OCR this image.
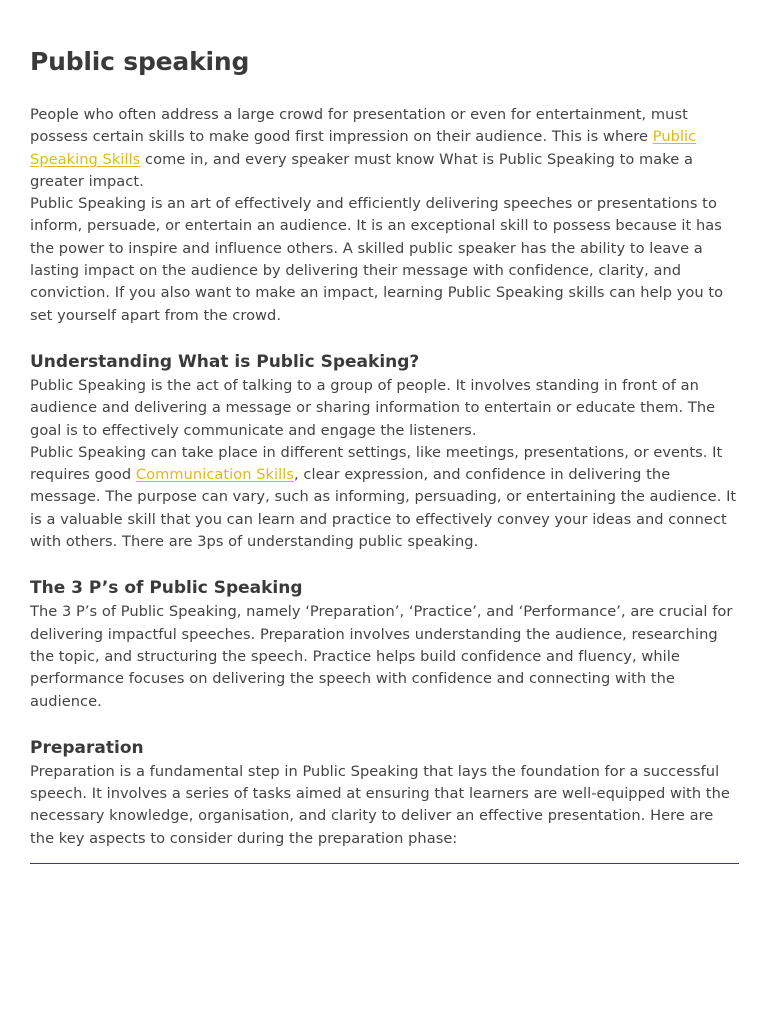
Public speaking

People who often address a large crowd for presentation or even for entertainment, must possess certain skills to make good first impression on their audience. This is where Public Speaking Skills come in, and every speaker must know What is Public Speaking to make a greater impact.

Public Speaking is an art of effectively and efficiently delivering speeches or presentations to inform, persuade, or entertain an audience. It is an exceptional skill to possess because it has the power to inspire and influence others. A skilled public speaker has the ability to leave a lasting impact on the audience by delivering their message with confidence, clarity, and conviction. If you also want to make an impact, learning Public Speaking skills can help you to set yourself apart from the crowd.

Understanding What is Public Speaking?

Public Speaking is the act of talking to a group of people. It involves standing in front of an audience and delivering a message or sharing information to entertain or educate them. The goal is to effectively communicate and engage the listeners.

Public Speaking can take place in different settings, like meetings, presentations, or events. It requires good Communication Skills, clear expression, and confidence in delivering the message. The purpose can vary, such as informing, persuading, or entertaining the audience. It is a valuable skill that you can learn and practice to effectively convey your ideas and connect with others. There are 3ps of understanding public speaking.

The 3 P’s of Public Speaking

The 3 P’s of Public Speaking, namely ‘Preparation’, ‘Practice’, and ‘Performance’, are crucial for delivering impactful speeches. Preparation involves understanding the audience, researching the topic, and structuring the speech. Practice helps build confidence and fluency, while performance focuses on delivering the speech with confidence and connecting with the audience.

Preparation

Preparation is a fundamental step in Public Speaking that lays the foundation for a successful speech. It involves a series of tasks aimed at ensuring that learners are well-equipped with the necessary knowledge, organisation, and clarity to deliver an effective presentation. Here are the key aspects to consider during the preparation phase:
